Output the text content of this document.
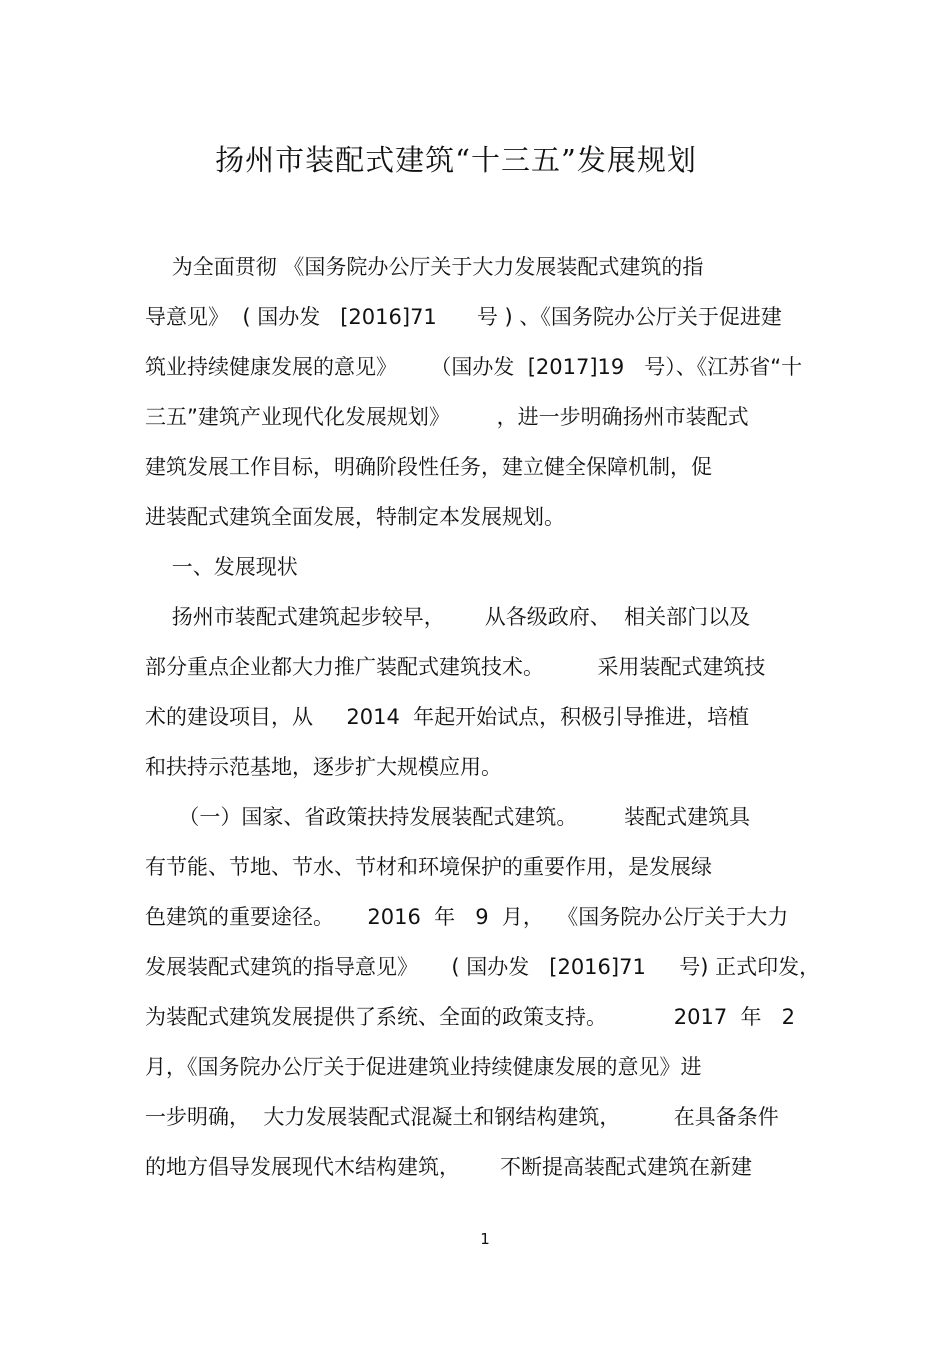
扬州市装配式建筑“十三五”发展规划
为全面贯彻 《国务院办公厅关于大力发展装配式建筑的指
导意见》  ( 国办发   [2016]71      号 ) 、《国务院办公厅关于促进建
筑业持续健康发展的意见》     （国办发  [2017]19   号）、《江苏省“十
三五”建筑产业现代化发展规划》       ，进一步明确扬州市装配式
建筑发展工作目标，明确阶段性任务，建立健全保障机制，促
进装配式建筑全面发展，特制定本发展规划。
一、发展现状
扬州市装配式建筑起步较早，      从各级政府、  相关部门以及
部分重点企业都大力推广装配式建筑技术。        采用装配式建筑技
术的建设项目，从     2014  年起开始试点，积极引导推进，培植
和扶持示范基地，逐步扩大规模应用。
（一）国家、省政策扶持发展装配式建筑。       装配式建筑具
有节能、节地、节水、节材和环境保护的重要作用，是发展绿
色建筑的重要途径。     2016  年   9  月，  《国务院办公厅关于大力
发展装配式建筑的指导意见》     ( 国办发   [2016]71     号) 正式印发，
为装配式建筑发展提供了系统、全面的政策支持。          2017  年   2
月，《国务院办公厅关于促进建筑业持续健康发展的意见》进
一步明确，  大力发展装配式混凝土和钢结构建筑，        在具备条件
的地方倡导发展现代木结构建筑，      不断提高装配式建筑在新建
1
